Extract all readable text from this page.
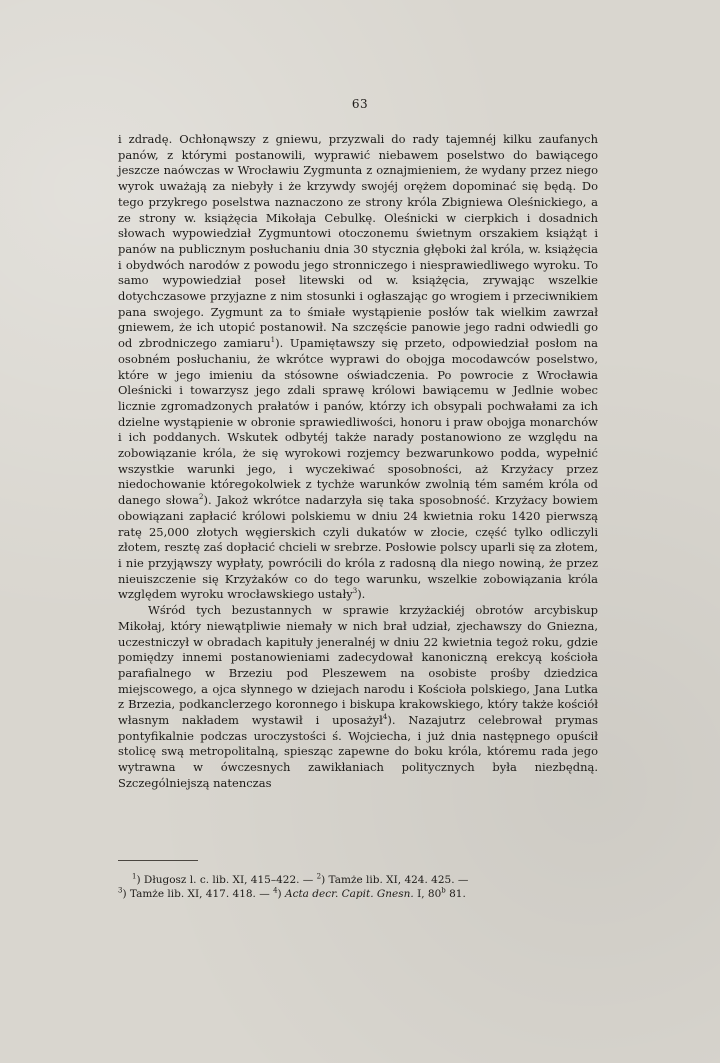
63

i zdradę. Ochłonąwszy z gniewu, przyzwali do rady tajemnéj kilku zaufanych panów, z którymi postanowili, wyprawić niebawem poselstwo do bawiącego jeszcze naówczas w Wrocławiu Zygmunta z oznajmieniem, że wydany przez niego wyrok uważają za niebyły i że krzywdy swojéj orężem dopominać się będą. Do tego przykrego poselstwa naznaczono ze strony króla Zbigniewa Oleśnickiego, a ze strony w. książęcia Mikołaja Cebulkę. Oleśnicki w cierpkich i dosadnich słowach wypowiedział Zygmuntowi otoczonemu świetnym orszakiem książąt i panów na publicznym posłuchaniu dnia 30 stycznia głęboki żal króla, w. książęcia i obydwóch narodów z powodu jego stronniczego i niesprawiedliwego wyroku. To samo wypowiedział poseł litewski od w. książęcia, zrywając wszelkie dotychczasowe przyjazne z nim stosunki i ogłaszając go wrogiem i przeciwnikiem pana swojego. Zygmunt za to śmiałe wystąpienie posłów tak wielkim zawrzał gniewem, że ich utopić postanowił. Na szczęście panowie jego radni odwiedli go od zbrodniczego zamiaru$^1$). Upamiętawszy się przeto, odpowiedział posłom na osobném posłuchaniu, że wkrótce wyprawi do obojga mocodawców poselstwo, które w jego imieniu da stósowne oświadczenia. Po powrocie z Wrocławia Oleśnicki i towarzysz jego zdali sprawę królowi bawiącemu w Jedlnie wobec licznie zgromadzonych prałatów i panów, którzy ich obsypali pochwałami za ich dzielne wystąpienie w obronie sprawiedliwości, honoru i praw obojga monarchów i ich poddanych. Wskutek odbytéj także narady postanowiono ze względu na zobowiązanie króla, że się wyrokowi rozjemcy bezwarunkowo podda, wypełnić wszystkie warunki jego, i wyczekiwać sposobności, aż Krzyżacy przez niedochowanie któregokolwiek z tychże warunków zwolnią tém samém króla od danego słowa$^2$). Jakoż wkrótce nadarzyła się taka sposobność. Krzyżacy bowiem obowiązani zapłacić królowi polskiemu w dniu 24 kwietnia roku 1420 pierwszą ratę 25,000 złotych węgierskich czyli dukatów w złocie, część tylko odliczyli złotem, resztę zaś dopłacić chcieli w srebrze. Posłowie polscy uparli się za złotem, i nie przyjąwszy wypłaty, powrócili do króla z radosną dla niego nowiną, że przez nieuiszczenie się Krzyżaków co do tego warunku, wszelkie zobowiązania króla względem wyroku wrocławskiego ustały$^3$).

Wśród tych bezustannych w sprawie krzyżackiéj obrotów arcybiskup Mikołaj, który niewątpliwie niemały w nich brał udział, zjechawszy do Gniezna, uczestniczył w obradach kapituły jeneralnéj w dniu 22 kwietnia tegoż roku, gdzie pomiędzy innemi postanowieniami zadecydował kanoniczną erekcyą kościoła parafialnego w Brzeziu pod Pleszewem na osobiste prośby dziedzica miejscowego, a ojca słynnego w dziejach narodu i Kościoła polskiego, Jana Lutka z Brzezia, podkanclerzego koronnego i biskupa krakowskiego, który także kościół własnym nakładem wystawił i uposażył$^4$). Nazajutrz celebrował prymas pontyfikalnie podczas uroczystości ś. Wojciecha, i już dnia następnego opuścił stolicę swą metropolitalną, spiesząc zapewne do boku króla, któremu rada jego wytrawna w ówczesnych zawikłaniach politycznych była niezbędną. Szczególniejszą natenczas

$^1$) Długosz l. c. lib. XI, 415–422. — $^2$) Tamże lib. XI, 424. 425. —
$^3$) Tamże lib. XI, 417. 418. — $^4$) Acta decr. Capit. Gnesn. I, 80$^b$ 81.
